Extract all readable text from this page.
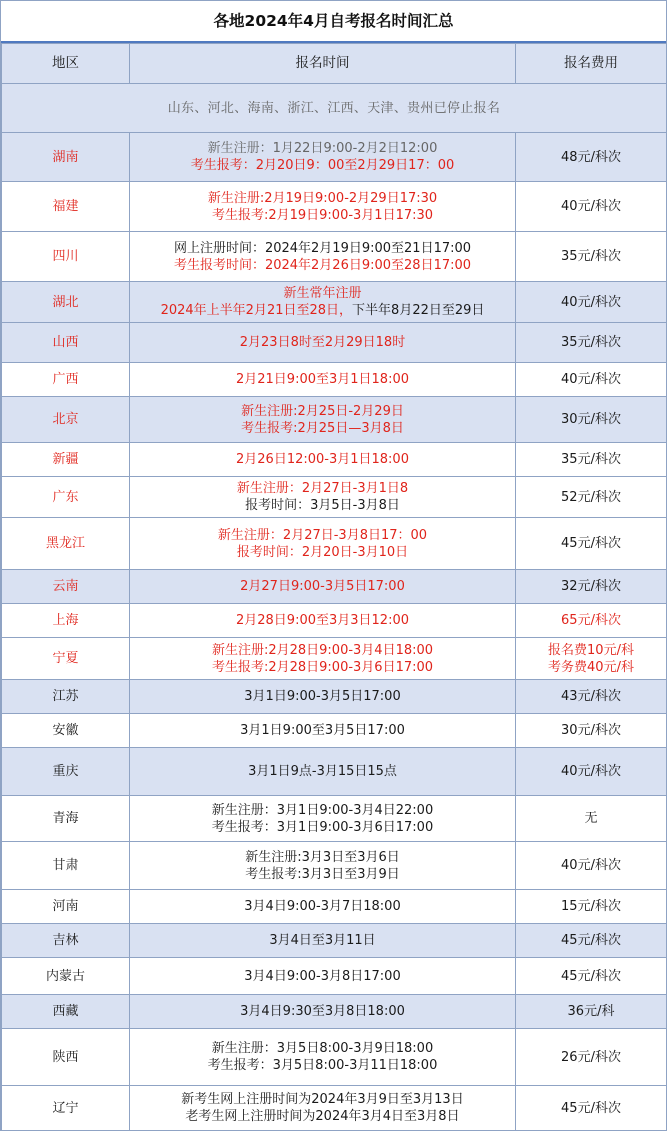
各地2024年4月自考报名时间汇总
地区	报名时间	报名费用
山东、河北、海南、浙江、江西、天津、贵州已停止报名		
湖南	新生注册：1月22日9:00-2月2日12:00
考生报考：2月20日9：00至2月29日17：00	48元/科次
福建	新生注册:2月19日9:00-2月29日17:30
考生报考:2月19日9:00-3月1日17:30	40元/科次
四川	网上注册时间：2024年2月19日9:00至21日17:00
考生报考时间：2024年2月26日9:00至28日17:00	35元/科次
湖北	新生常年注册
2024年上半年2月21日至28日，下半年8月22日至29日	40元/科次
山西	2月23日8时至2月29日18时	35元/科次
广西	2月21日9:00至3月1日18:00	40元/科次
北京	新生注册:2月25日-2月29日
考生报考:2月25日—3月8日	30元/科次
新疆	2月26日12:00-3月1日18:00	35元/科次
广东	新生注册：2月27日-3月1日8
报考时间：3月5日-3月8日	52元/科次
黑龙江	新生注册：2月27日-3月8日17：00
报考时间：2月20日-3月10日	45元/科次
云南	2月27日9:00-3月5日17:00	32元/科次
上海	2月28日9:00至3月3日12:00	65元/科次
宁夏	新生注册:2月28日9:00-3月4日18:00
考生报考:2月28日9:00-3月6日17:00	报名费10元/科
考务费40元/科

江苏	3月1日9:00-3月5日17:00	43元/科次
安徽	3月1日9:00至3月5日17:00	30元/科次
重庆	3月1日9点-3月15日15点	40元/科次
青海	新生注册：3月1日9:00-3月4日22:00
考生报考：3月1日9:00-3月6日17:00	无
甘肃	新生注册:3月3日至3月6日
考生报考:3月3日至3月9日	40元/科次
河南	3月4日9:00-3月7日18:00	15元/科次
吉林	3月4日至3月11日	45元/科次
内蒙古	3月4日9:00-3月8日17:00	45元/科次
西藏	3月4日9:30至3月8日18:00	36元/科
陕西	新生注册：3月5日8:00-3月9日18:00
考生报考：3月5日8:00-3月11日18:00	26元/科次
辽宁	新考生网上注册时间为2024年3月9日至3月13日
老考生网上注册时间为2024年3月4日至3月8日	45元/科次
